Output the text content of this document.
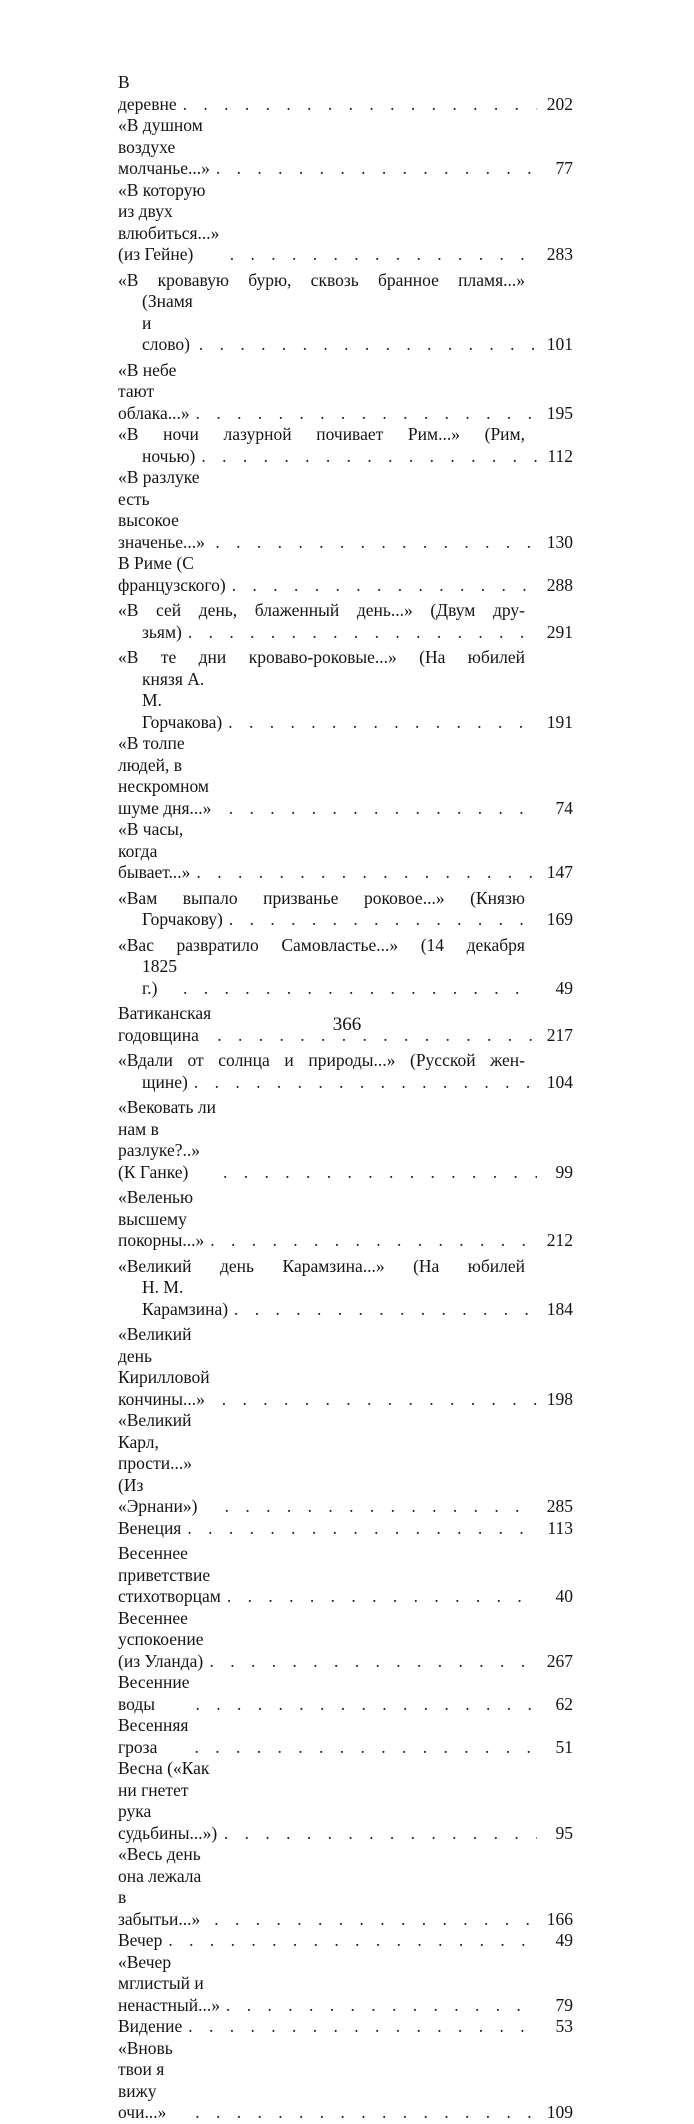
В деревне . . .	202
«В душном воздухе молчанье...» . . .	77
«В которую из двух влюбиться...» (из Гейне) . . .	283
«В кровавую бурю, сквозь бранное пламя...»
(Знамя и слово) . . .	101
«В небе тают облака...» . . .	195
«В ночи лазурной почивает Рим...» (Рим,
ночью) . . .	112
«В разлуке есть высокое значенье...» . . .	130
В Риме (С французского) . . .	288
«В сей день, блаженный день...» (Двум дру-
зьям) . . .	291
«В те дни кроваво-роковые...» (На юбилей
князя А. М. Горчакова) . . .	191
«В толпе людей, в нескромном шуме дня...» . . .	74
«В часы, когда бывает...» . . .	147
«Вам выпало призванье роковое...» (Князю
Горчакову) . . .	169
«Вас развратило Самовластье...» (14 декабря
1825 г.) . . .	49
Ватиканская годовщина . . .	217
«Вдали от солнца и природы...» (Русской жен-
щине) . . .	104
«Вековать ли нам в разлуке?..» (К Ганке) . . .	99
«Веленью высшему покорны...» . . .	212
«Великий день Карамзина...» (На юбилей
Н. М. Карамзина) . . .	184
«Великий день Кирилловой кончины...» . . .	198
«Великий Карл, прости...» (Из «Эрнани») . . .	285
Венеция . . .	113
Весеннее приветствие стихотворцам . . .	40
Весеннее успокоение (из Уланда) . . .	267
Весенние воды . . .	62
Весенняя гроза . . .	51
Весна («Как ни гнетет рука судьбины...») . . .	95
«Весь день она лежала в забытьи...» . . .	166
Вечер . . .	49
«Вечер мглистый и ненастный...» . . .	79
Видение . . .	53
«Вновь твои я вижу очи...» . . .	109
366
